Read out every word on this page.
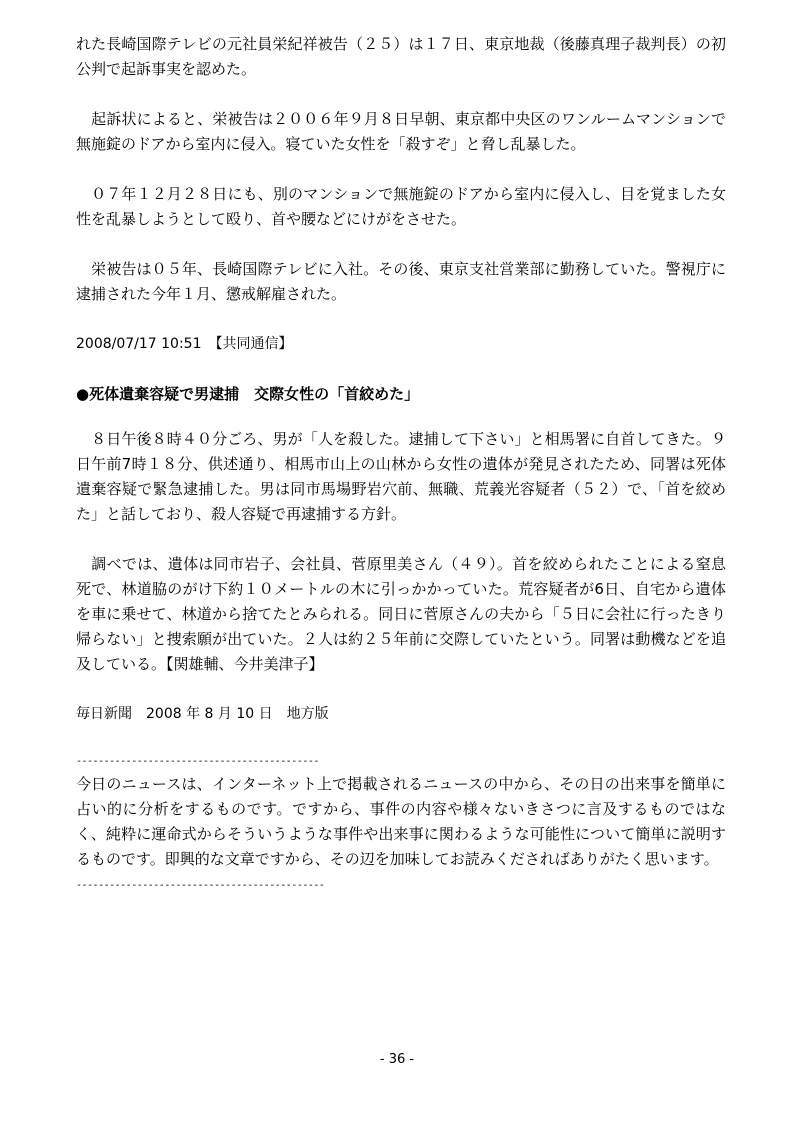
れた長崎国際テレビの元社員栄紀祥被告（２５）は１７日、東京地裁（後藤真理子裁判長）の初公判で起訴事実を認めた。

起訴状によると、栄被告は２００６年９月８日早朝、東京都中央区のワンルームマンションで無施錠のドアから室内に侵入。寝ていた女性を「殺すぞ」と脅し乱暴した。

０７年１２月２８日にも、別のマンションで無施錠のドアから室内に侵入し、目を覚ました女性を乱暴しようとして殴り、首や腰などにけがをさせた。

栄被告は０５年、長崎国際テレビに入社。その後、東京支社営業部に勤務していた。警視庁に逮捕された今年１月、懲戒解雇された。

2008/07/17 10:51　【共同通信】

●死体遺棄容疑で男逮捕　交際女性の「首絞めた」

８日午後８時４０分ごろ、男が「人を殺した。逮捕して下さい」と相馬署に自首してきた。９日午前7時１８分、供述通り、相馬市山上の山林から女性の遺体が発見されたため、同署は死体遺棄容疑で緊急逮捕した。男は同市馬場野岩穴前、無職、荒義光容疑者（５２）で、「首を絞めた」と話しており、殺人容疑で再逮捕する方針。

調べでは、遺体は同市岩子、会社員、菅原里美さん（４９）。首を絞められたことによる窒息死で、林道脇のがけ下約１０メートルの木に引っかかっていた。荒容疑者が6日、自宅から遺体を車に乗せて、林道から捨てたとみられる。同日に菅原さんの夫から「５日に会社に行ったきり帰らない」と捜索願が出ていた。２人は約２５年前に交際していたという。同署は動機などを追及している。【関雄輔、今井美津子】

毎日新聞　2008 年 8 月 10 日　地方版

--------------------------------------------

今日のニュースは、インターネット上で掲載されるニュースの中から、その日の出来事を簡単に占い的に分析をするものです。ですから、事件の内容や様々ないきさつに言及するものではなく、純粋に運命式からそういうような事件や出来事に関わるような可能性について簡単に説明するものです。即興的な文章ですから、その辺を加味してお読みくださればありがたく思います。

---------------------------------------------
- 36 -
